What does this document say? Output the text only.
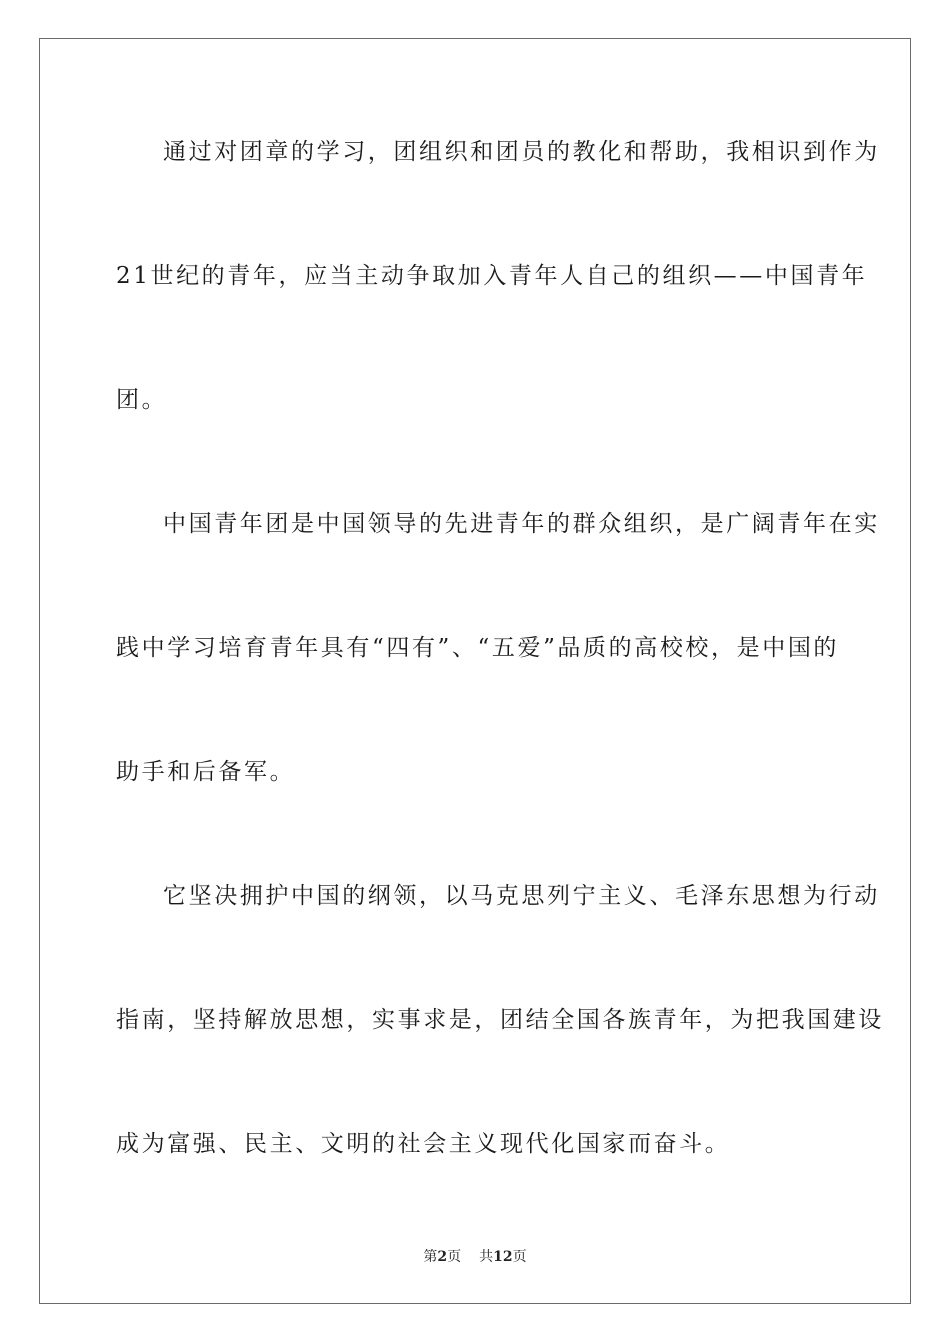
通过对团章的学习，团组织和团员的教化和帮助，我相识到作为
21世纪的青年，应当主动争取加入青年人自己的组织——中国青年
团。
中国青年团是中国领导的先进青年的群众组织，是广阔青年在实
践中学习培育青年具有“四有”、“五爱”品质的高校校，是中国的
助手和后备军。
它坚决拥护中国的纲领，以马克思列宁主义、毛泽东思想为行动
指南，坚持解放思想，实事求是，团结全国各族青年，为把我国建设
成为富强、民主、文明的社会主义现代化国家而奋斗。
第2页 共12页
